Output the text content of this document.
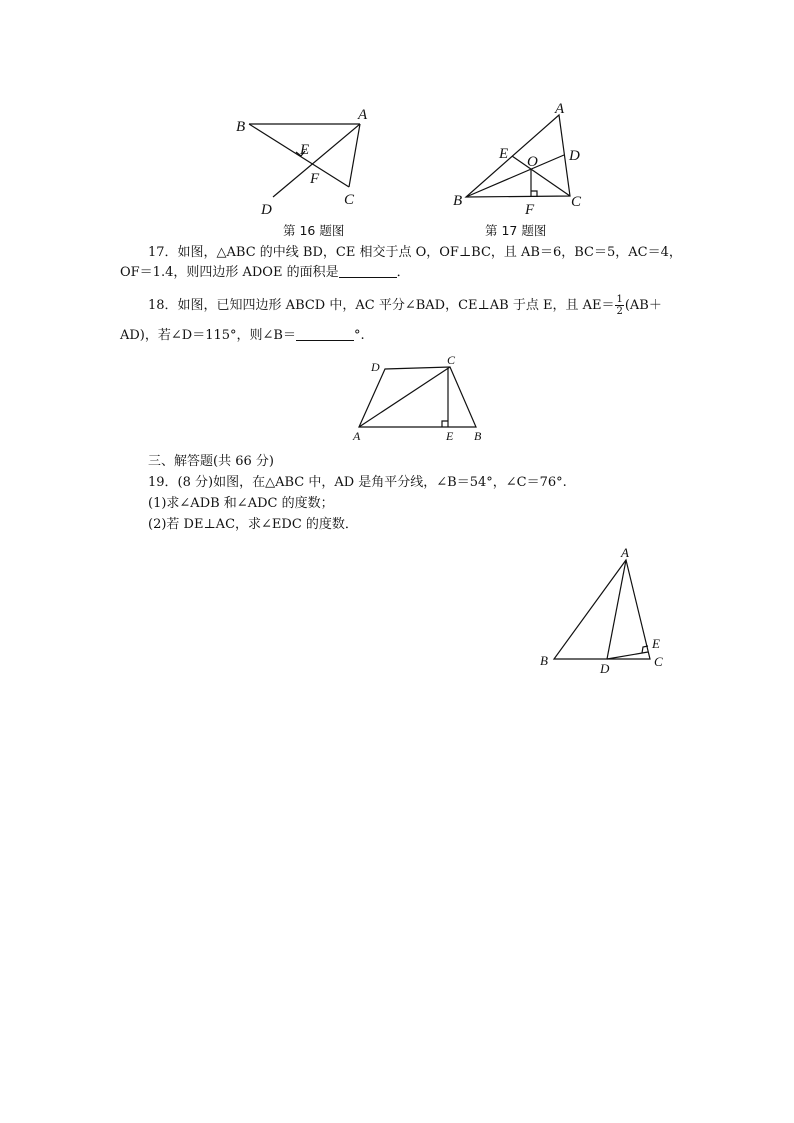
A
B
C
D
E
F
第 16 题图
A
B	C
D
E
F
O
第 17 题图
17．如图，△ABC 的中线 BD，CE 相交于点 O，OF⊥BC，且 AB＝6，BC＝5，AC＝4，
OF＝1.4，则四边形 ADOE 的面积是	．
18．如图，已知四边形 ABCD 中，AC 平分∠BAD，CE⊥AB 于点 E，且 $AE= \frac{1}{2} (AB+$
AD)，若∠D＝115°，则∠B＝	°.
A	B
C
D
E
三、解答题(共 66 分)
19．(8 分)如图，在△ABC 中，AD 是角平分线，∠B＝54°，∠C＝76°.
(1)求∠ADB 和∠ADC 的度数；
(2)若 DE⊥AC，求∠EDC 的度数．
A
B	C
D
E
